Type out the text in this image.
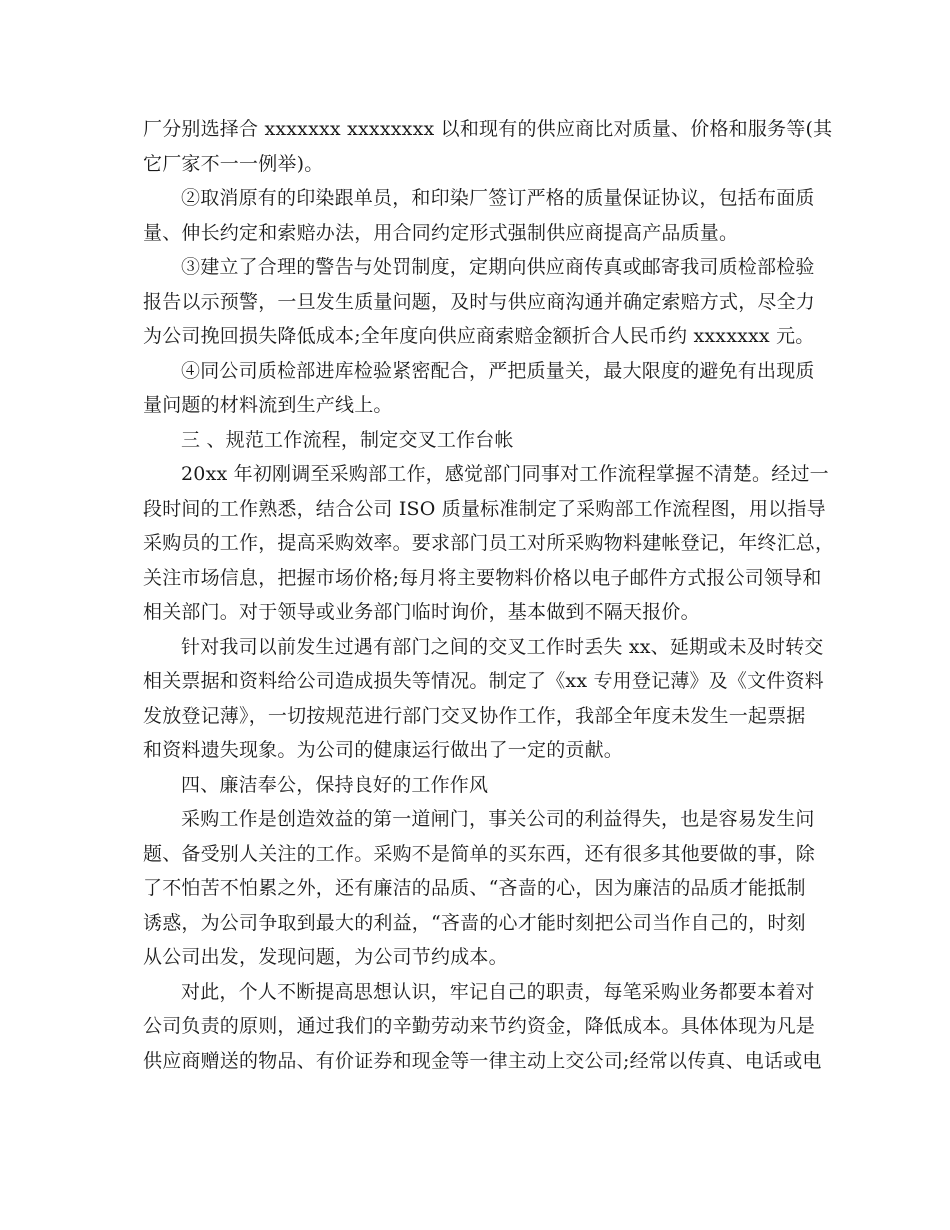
厂分别选择合 xxxxxxx xxxxxxxx 以和现有的供应商比对质量、价格和服务等(其
它厂家不一一例举)。
②取消原有的印染跟单员，和印染厂签订严格的质量保证协议，包括布面质
量、伸长约定和索赔办法，用合同约定形式强制供应商提高产品质量。
③建立了合理的警告与处罚制度，定期向供应商传真或邮寄我司质检部检验
报告以示预警，一旦发生质量问题，及时与供应商沟通并确定索赔方式，尽全力
为公司挽回损失降低成本;全年度向供应商索赔金额折合人民币约 xxxxxxx 元。
④同公司质检部进库检验紧密配合，严把质量关，最大限度的避免有出现质
量问题的材料流到生产线上。
三 、规范工作流程，制定交叉工作台帐
20xx 年初刚调至采购部工作，感觉部门同事对工作流程掌握不清楚。经过一
段时间的工作熟悉，结合公司 ISO 质量标准制定了采购部工作流程图，用以指导
采购员的工作，提高采购效率。要求部门员工对所采购物料建帐登记，年终汇总，
关注市场信息，把握市场价格;每月将主要物料价格以电子邮件方式报公司领导和
相关部门。对于领导或业务部门临时询价，基本做到不隔天报价。
针对我司以前发生过遇有部门之间的交叉工作时丢失 xx、延期或未及时转交
相关票据和资料给公司造成损失等情况。制定了《xx 专用登记薄》及《文件资料
发放登记薄》，一切按规范进行部门交叉协作工作，我部全年度未发生一起票据
和资料遗失现象。为公司的健康运行做出了一定的贡献。
四、廉洁奉公，保持良好的工作作风
采购工作是创造效益的第一道闸门，事关公司的利益得失，也是容易发生问
题、备受别人关注的工作。采购不是简单的买东西，还有很多其他要做的事，除
了不怕苦不怕累之外，还有廉洁的品质、“吝啬的心，因为廉洁的品质才能抵制
诱惑，为公司争取到最大的利益，“吝啬的心才能时刻把公司当作自己的，时刻
从公司出发，发现问题，为公司节约成本。
对此，个人不断提高思想认识，牢记自己的职责，每笔采购业务都要本着对
公司负责的原则，通过我们的辛勤劳动来节约资金，降低成本。具体体现为凡是
供应商赠送的物品、有价证券和现金等一律主动上交公司;经常以传真、电话或电
